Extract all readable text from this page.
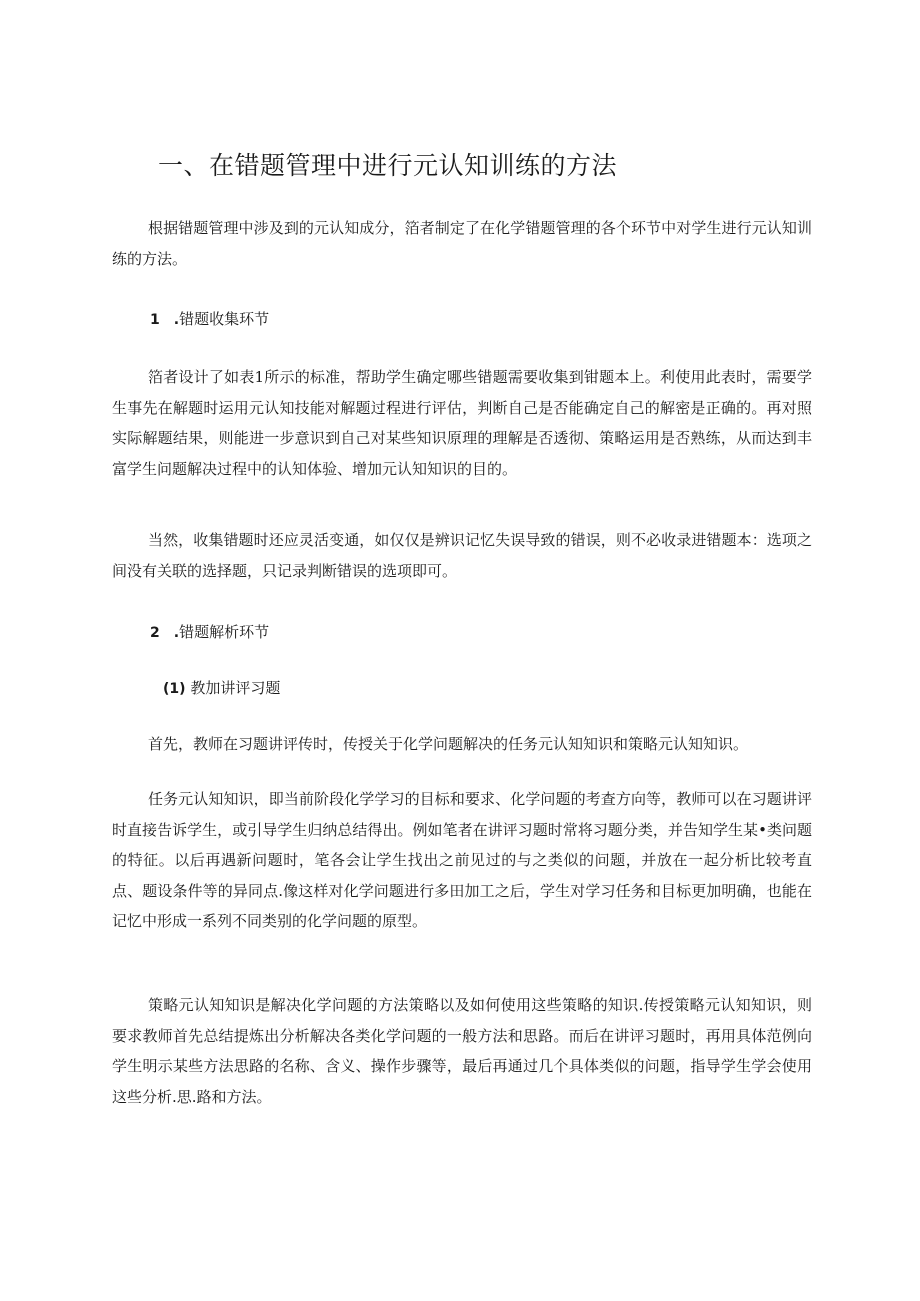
一、在错题管理中进行元认知训练的方法

根据错题管理中涉及到的元认知成分，箔者制定了在化学错题管理的各个环节中对学生进行元认知训练的方法。

1　.错题收集环节

箔者设计了如表1所示的标准，帮助学生确定哪些错题需要收集到钳题本上。利使用此表时，需要学生事先在解题时运用元认知技能对解题过程进行评估，判断自己是否能确定自己的解密是正确的。再对照实际解题结果，则能进一步意识到自己对某些知识原理的理解是否透彻、策略运用是否熟练，从而达到丰富学生问题解决过程中的认知体验、增加元认知知识的目的。

当然，收集错题时还应灵活变通，如仅仅是辨识记忆失误导致的错误，则不必收录进错题本：选项之间没有关联的选择题，只记录判断错误的选项即可。

2　.错题解析环节
(1) 教加讲评习题

首先，教师在习题讲评传时，传授关于化学问题解决的任务元认知知识和策略元认知知识。

任务元认知知识，即当前阶段化学学习的目标和要求、化学问题的考查方向等，教师可以在习题讲评时直接告诉学生，或引导学生归纳总结得出。例如笔者在讲评习题时常将习题分类，并告知学生某•类问题的特征。以后再遇新问题时，笔各会让学生找出之前见过的与之类似的问题，并放在一起分析比较考直点、题设条件等的异同点.像这样对化学问题进行多田加工之后，学生对学习任务和目标更加明确，也能在记忆中形成一系列不同类别的化学问题的原型。

策略元认知知识是解决化学问题的方法策略以及如何使用这些策略的知识.传授策略元认知知识，则要求教师首先总结提炼出分析解决各类化学问题的一般方法和思路。而后在讲评习题时，再用具体范例向学生明示某些方法思路的名称、含义、操作步骤等，最后再通过几个具体类似的问题，指导学生学会使用这些分析.思.路和方法。
